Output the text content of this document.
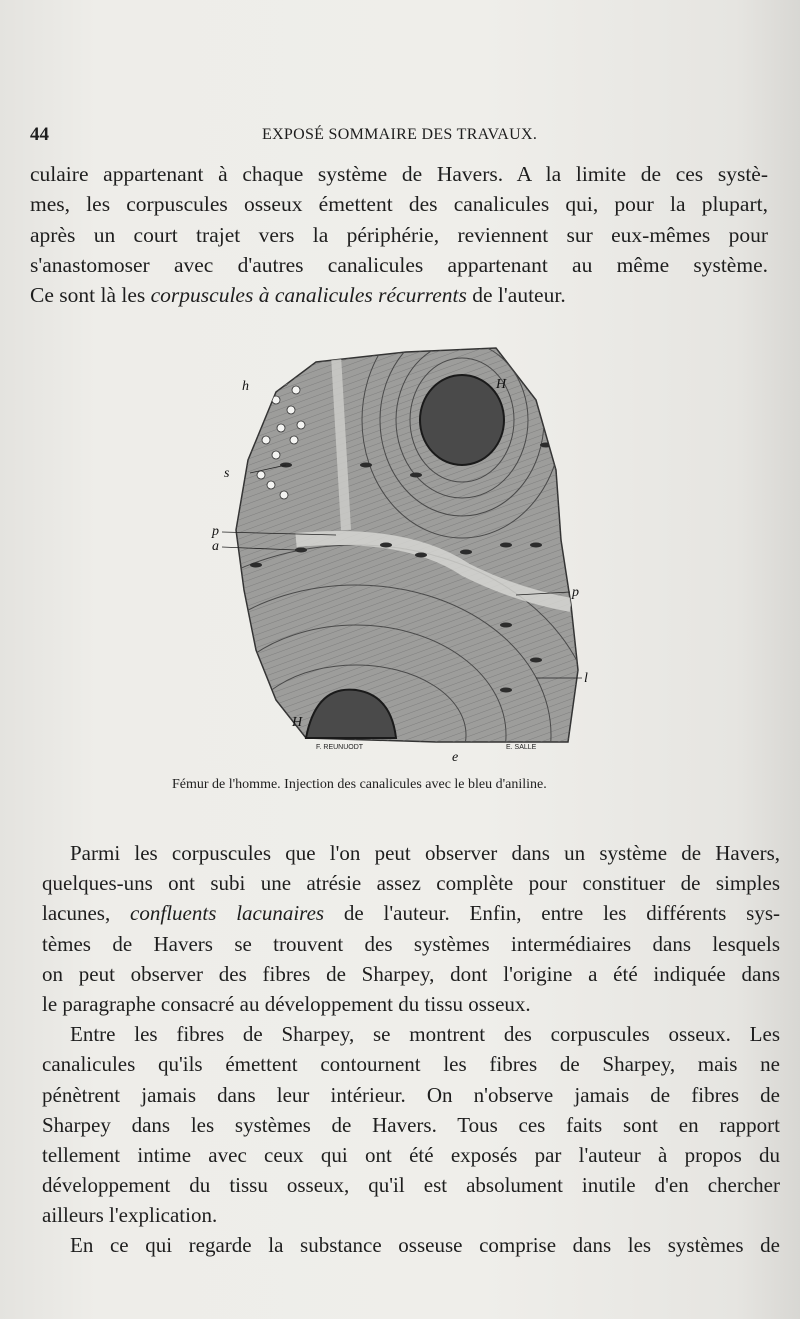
44	EXPOSÉ SOMMAIRE DES TRAVAUX.
culaire appartenant à chaque système de Havers. A la limite de ces systè-
mes, les corpuscules osseux émettent des canalicules qui, pour la plupart,
après un court trajet vers la périphérie, reviennent sur eux-mêmes pour
s'anastomoser avec d'autres canalicules appartenant au même système.
Ce sont là les corpuscules à canalicules récurrents de l'auteur.
h	H
s
p
a
p
l
H
e
F. REUNUODT	E. SALLE
Fémur de l'homme. Injection des canalicules avec le bleu d'aniline.
Parmi les corpuscules que l'on peut observer dans un système de Havers,
quelques-uns ont subi une atrésie assez complète pour constituer de simples
lacunes, confluents lacunaires de l'auteur. Enfin, entre les différents sys-
tèmes de Havers se trouvent des systèmes intermédiaires dans lesquels
on peut observer des fibres de Sharpey, dont l'origine a été indiquée dans
le paragraphe consacré au développement du tissu osseux.
Entre les fibres de Sharpey, se montrent des corpuscules osseux. Les
canalicules qu'ils émettent contournent les fibres de Sharpey, mais ne
pénètrent jamais dans leur intérieur. On n'observe jamais de fibres de
Sharpey dans les systèmes de Havers. Tous ces faits sont en rapport
tellement intime avec ceux qui ont été exposés par l'auteur à propos du
développement du tissu osseux, qu'il est absolument inutile d'en chercher
ailleurs l'explication.
En ce qui regarde la substance osseuse comprise dans les systèmes de
